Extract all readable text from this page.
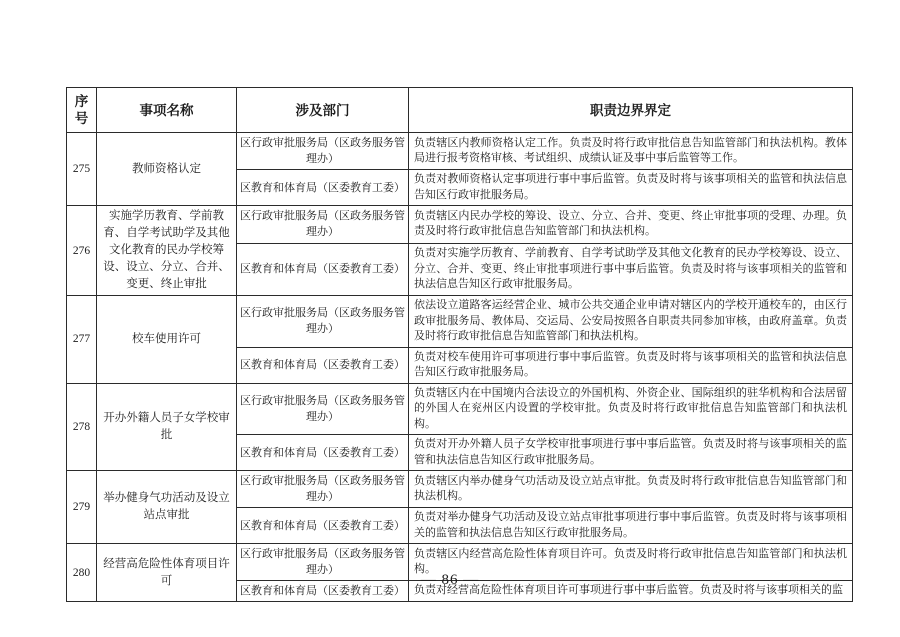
序号	事项名称	涉及部门	职责边界界定
275	教师资格认定	区行政审批服务局（区政务服务管理办）	负责辖区内教师资格认定工作。负责及时将行政审批信息告知监管部门和执法机构。教体局进行报考资格审核、考试组织、成绩认证及事中事后监管等工作。
		区教育和体育局（区委教育工委）	负责对教师资格认定事项进行事中事后监管。负责及时将与该事项相关的监管和执法信息告知区行政审批服务局。
276	实施学历教育、学前教育、自学考试助学及其他文化教育的民办学校筹设、设立、分立、合并、变更、终止审批	区行政审批服务局（区政务服务管理办）	负责辖区内民办学校的筹设、设立、分立、合并、变更、终止审批事项的受理、办理。负责及时将行政审批信息告知监管部门和执法机构。
		区教育和体育局（区委教育工委）	负责对实施学历教育、学前教育、自学考试助学及其他文化教育的民办学校筹设、设立、分立、合并、变更、终止审批事项进行事中事后监管。负责及时将与该事项相关的监管和执法信息告知区行政审批服务局。
277	校车使用许可	区行政审批服务局（区政务服务管理办）	依法设立道路客运经营企业、城市公共交通企业申请对辖区内的学校开通校车的，由区行政审批服务局、教体局、交运局、公安局按照各自职责共同参加审核，由政府盖章。负责及时将行政审批信息告知监管部门和执法机构。
		区教育和体育局（区委教育工委）	负责对校车使用许可事项进行事中事后监管。负责及时将与该事项相关的监管和执法信息告知区行政审批服务局。
278	开办外籍人员子女学校审批	区行政审批服务局（区政务服务管理办）	负责辖区内在中国境内合法设立的外国机构、外资企业、国际组织的驻华机构和合法居留的外国人在兖州区内设置的学校审批。负责及时将行政审批信息告知监管部门和执法机构。
		区教育和体育局（区委教育工委）	负责对开办外籍人员子女学校审批事项进行事中事后监管。负责及时将与该事项相关的监管和执法信息告知区行政审批服务局。
279	举办健身气功活动及设立站点审批	区行政审批服务局（区政务服务管理办）	负责辖区内举办健身气功活动及设立站点审批。负责及时将行政审批信息告知监管部门和执法机构。
		区教育和体育局（区委教育工委）	负责对举办健身气功活动及设立站点审批事项进行事中事后监管。负责及时将与该事项相关的监管和执法信息告知区行政审批服务局。
280	经营高危险性体育项目许可	区行政审批服务局（区政务服务管理办）	负责辖区内经营高危险性体育项目许可。负责及时将行政审批信息告知监管部门和执法机构。
		区教育和体育局（区委教育工委）	负责对经营高危险性体育项目许可事项进行事中事后监管。负责及时将与该事项相关的监
— 86 —
